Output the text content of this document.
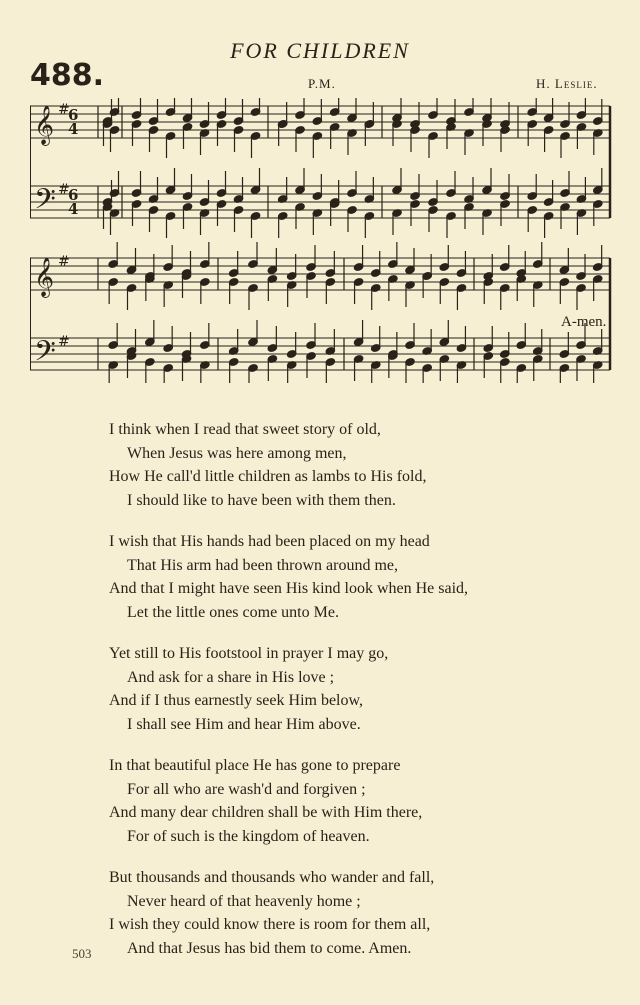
FOR CHILDREN
488.	P.M.	H. Leslie.
𝄞
𝄢
𝄞
𝄢
6
4
6
4
#
#
#
#
A-men.
I think when I read that sweet story of old,
When Jesus was here among men,
How He call'd little children as lambs to His fold,
I should like to have been with them then.
I wish that His hands had been placed on my head
That His arm had been thrown around me,
And that I might have seen His kind look when He said,
Let the little ones come unto Me.
Yet still to His footstool in prayer I may go,
And ask for a share in His love ;
And if I thus earnestly seek Him below,
I shall see Him and hear Him above.
In that beautiful place He has gone to prepare
For all who are wash'd and forgiven ;
And many dear children shall be with Him there,
For of such is the kingdom of heaven.
But thousands and thousands who wander and fall,
Never heard of that heavenly home ;
I wish they could know there is room for them all,
And that Jesus has bid them to come. Amen.
503
